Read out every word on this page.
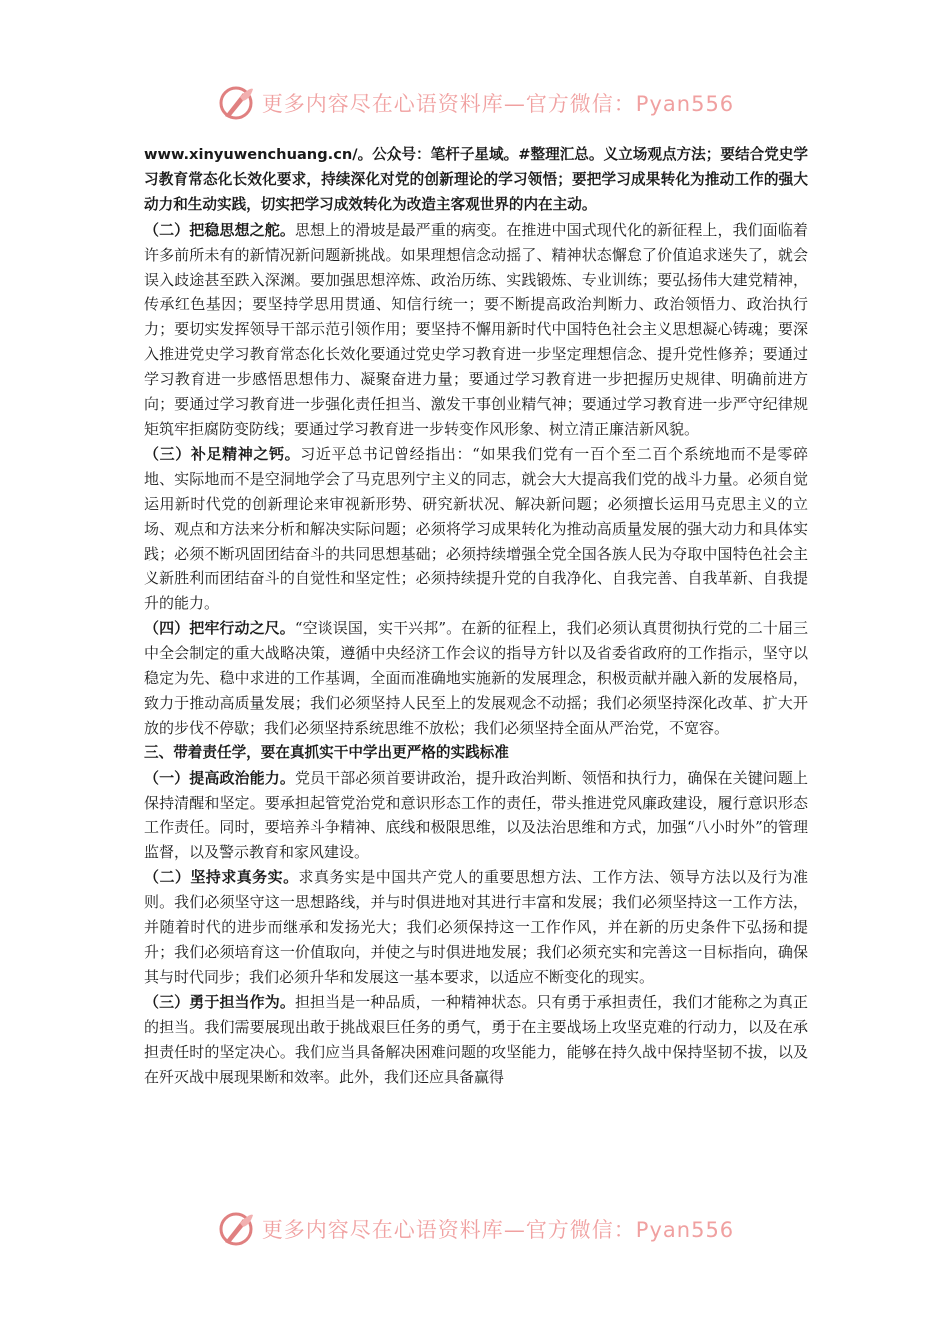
更多内容尽在心语资料库—官方微信：Pyan556

www.xinyuwenchuang.cn/。公众号：笔杆子星域。#整理汇总。义立场观点方法；要结合党史学习教育常态化长效化要求，持续深化对党的创新理论的学习领悟；要把学习成果转化为推动工作的强大动力和生动实践，切实把学习成效转化为改造主客观世界的内在主动。

（二）把稳思想之舵。思想上的滑坡是最严重的病变。在推进中国式现代化的新征程上，我们面临着许多前所未有的新情况新问题新挑战。如果理想信念动摇了、精神状态懈怠了价值追求迷失了，就会误入歧途甚至跌入深渊。要加强思想淬炼、政治历练、实践锻炼、专业训练；要弘扬伟大建党精神，传承红色基因；要坚持学思用贯通、知信行统一；要不断提高政治判断力、政治领悟力、政治执行力；要切实发挥领导干部示范引领作用；要坚持不懈用新时代中国特色社会主义思想凝心铸魂；要深入推进党史学习教育常态化长效化要通过党史学习教育进一步坚定理想信念、提升党性修养；要通过学习教育进一步感悟思想伟力、凝聚奋进力量；要通过学习教育进一步把握历史规律、明确前进方向；要通过学习教育进一步强化责任担当、激发干事创业精气神；要通过学习教育进一步严守纪律规矩筑牢拒腐防变防线；要通过学习教育进一步转变作风形象、树立清正廉洁新风貌。

（三）补足精神之钙。习近平总书记曾经指出：“如果我们党有一百个至二百个系统地而不是零碎地、实际地而不是空洞地学会了马克思列宁主义的同志，就会大大提高我们党的战斗力量。必须自觉运用新时代党的创新理论来审视新形势、研究新状况、解决新问题；必须擅长运用马克思主义的立场、观点和方法来分析和解决实际问题；必须将学习成果转化为推动高质量发展的强大动力和具体实践；必须不断巩固团结奋斗的共同思想基础；必须持续增强全党全国各族人民为夺取中国特色社会主义新胜利而团结奋斗的自觉性和坚定性；必须持续提升党的自我净化、自我完善、自我革新、自我提升的能力。

（四）把牢行动之尺。“空谈误国，实干兴邦”。在新的征程上，我们必须认真贯彻执行党的二十届三中全会制定的重大战略决策，遵循中央经济工作会议的指导方针以及省委省政府的工作指示，坚守以稳定为先、稳中求进的工作基调，全面而准确地实施新的发展理念，积极贡献并融入新的发展格局，致力于推动高质量发展；我们必须坚持人民至上的发展观念不动摇；我们必须坚持深化改革、扩大开放的步伐不停歇；我们必须坚持系统思维不放松；我们必须坚持全面从严治党，不宽容。

三、带着责任学，要在真抓实干中学出更严格的实践标准

（一）提高政治能力。党员干部必须首要讲政治，提升政治判断、领悟和执行力，确保在关键问题上保持清醒和坚定。要承担起管党治党和意识形态工作的责任，带头推进党风廉政建设，履行意识形态工作责任。同时，要培养斗争精神、底线和极限思维，以及法治思维和方式，加强“八小时外”的管理监督，以及警示教育和家风建设。

（二）坚持求真务实。求真务实是中国共产党人的重要思想方法、工作方法、领导方法以及行为准则。我们必须坚守这一思想路线，并与时俱进地对其进行丰富和发展；我们必须坚持这一工作方法，并随着时代的进步而继承和发扬光大；我们必须保持这一工作作风，并在新的历史条件下弘扬和提升；我们必须培育这一价值取向，并使之与时俱进地发展；我们必须充实和完善这一目标指向，确保其与时代同步；我们必须升华和发展这一基本要求，以适应不断变化的现实。

（三）勇于担当作为。担担当是一种品质，一种精神状态。只有勇于承担责任，我们才能称之为真正的担当。我们需要展现出敢于挑战艰巨任务的勇气，勇于在主要战场上攻坚克难的行动力，以及在承担责任时的坚定决心。我们应当具备解决困难问题的攻坚能力，能够在持久战中保持坚韧不拔，以及在歼灭战中展现果断和效率。此外，我们还应具备赢得

更多内容尽在心语资料库—官方微信：Pyan556
